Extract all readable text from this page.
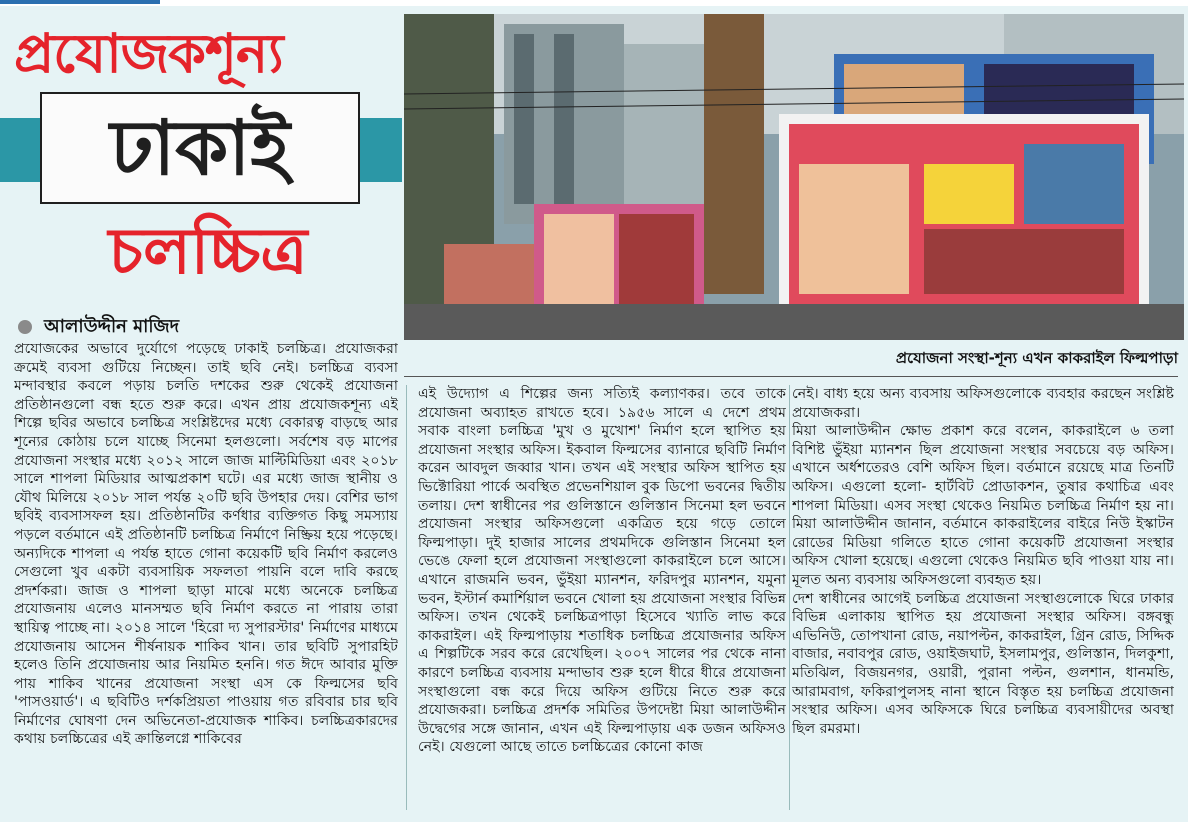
প্রযোজকশূন্য
ঢাকাই
চলচ্চিত্র
প্রযোজনা সংস্থা-শূন্য এখন কাকরাইল ফিল্মপাড়া
আলাউদ্দীন মাজিদ

প্রযোজকের অভাবে দুর্যোগে পড়েছে ঢাকাই চলচ্চিত্র। প্রযোজকরা ক্রমেই ব্যবসা গুটিয়ে নিচ্ছেন। তাই ছবি নেই। চলচ্চিত্র ব্যবসা মন্দাবস্থার কবলে পড়ায় চলতি দশকের শুরু থেকেই প্রযোজনা প্রতিষ্ঠানগুলো বন্ধ হতে শুরু করে। এখন প্রায় প্রযোজকশূন্য এই শিল্পে ছবির অভাবে চলচ্চিত্র সংশ্লিষ্টদের মধ্যে বেকারত্ব বাড়ছে আর শূন্যের কোঠায় চলে যাচ্ছে সিনেমা হলগুলো। সর্বশেষ বড় মাপের প্রযোজনা সংস্থার মধ্যে ২০১২ সালে জাজ মাল্টিমিডিয়া এবং ২০১৮ সালে শাপলা মিডিয়ার আত্মপ্রকাশ ঘটে। এর মধ্যে জাজ স্থানীয় ও যৌথ মিলিয়ে ২০১৮ সাল পর্যন্ত ২০টি ছবি উপহার দেয়। বেশির ভাগ ছবিই ব্যবসাসফল হয়। প্রতিষ্ঠানটির কর্ণধার ব্যক্তিগত কিছু সমস্যায় পড়লে বর্তমানে এই প্রতিষ্ঠানটি চলচ্চিত্র নির্মাণে নিষ্ক্রিয় হয়ে পড়েছে। অন্যদিকে শাপলা এ পর্যন্ত হাতে গোনা কয়েকটি ছবি নির্মাণ করলেও সেগুলো খুব একটা ব্যবসায়িক সফলতা পায়নি বলে দাবি করছে প্রদর্শকরা। জাজ ও শাপলা ছাড়া মাঝে মধ্যে অনেকে চলচ্চিত্র প্রযোজনায় এলেও মানসম্মত ছবি নির্মাণ করতে না পারায় তারা স্থায়িত্ব পাচ্ছে না। ২০১৪ সালে 'হিরো দ্য সুপারস্টার' নির্মাণের মাধ্যমে প্রযোজনায় আসেন শীর্ষনায়ক শাকিব খান। তার ছবিটি সুপারহিট হলেও তিনি প্রযোজনায় আর নিয়মিত হননি। গত ঈদে আবার মুক্তি পায় শাকিব খানের প্রযোজনা সংস্থা এস কে ফিল্মসের ছবি 'পাসওয়ার্ড'। এ ছবিটিও দর্শকপ্রিয়তা পাওয়ায় গত রবিবার চার ছবি নির্মাণের ঘোষণা দেন অভিনেতা-প্রযোজক শাকিব। চলচ্চিত্রকারদের কথায় চলচ্চিত্রের এই ক্রান্তিলগ্নে শাকিবের

এই উদ্যোগ এ শিল্পের জন্য সত্যিই কল্যাণকর। তবে তাকে প্রযোজনা অব্যাহত রাখতে হবে। ১৯৫৬ সালে এ দেশে প্রথম সবাক বাংলা চলচ্চিত্র 'মুখ ও মুখোশ' নির্মাণ হলে স্থাপিত হয় প্রযোজনা সংস্থার অফিস। ইকবাল ফিল্মসের ব্যানারে ছবিটি নির্মাণ করেন আবদুল জব্বার খান। তখন এই সংস্থার অফিস স্থাপিত হয় ভিক্টোরিয়া পার্কে অবস্থিত প্রভেনশিয়াল বুক ডিপো ভবনের দ্বিতীয় তলায়। দেশ স্বাধীনের পর গুলিস্তানে গুলিস্তান সিনেমা হল ভবনে প্রযোজনা সংস্থার অফিসগুলো একত্রিত হয়ে গড়ে তোলে ফিল্মপাড়া। দুই হাজার সালের প্রথমদিকে গুলিস্তান সিনেমা হল ভেঙে ফেলা হলে প্রযোজনা সংস্থাগুলো কাকরাইলে চলে আসে। এখানে রাজমনি ভবন, ভুঁইয়া ম্যানশন, ফরিদপুর ম্যানশন, যমুনা ভবন, ইস্টার্ন কমার্শিয়াল ভবনে খোলা হয় প্রযোজনা সংস্থার বিভিন্ন অফিস। তখন থেকেই চলচ্চিত্রপাড়া হিসেবে খ্যাতি লাভ করে কাকরাইল। এই ফিল্মপাড়ায় শতাধিক চলচ্চিত্র প্রযোজনার অফিস এ শিল্পটিকে সরব করে রেখেছিল। ২০০৭ সালের পর থেকে নানা কারণে চলচ্চিত্র ব্যবসায় মন্দাভাব শুরু হলে ধীরে ধীরে প্রযোজনা সংস্থাগুলো বন্ধ করে দিয়ে অফিস গুটিয়ে নিতে শুরু করে প্রযোজকরা। চলচ্চিত্র প্রদর্শক সমিতির উপদেষ্টা মিয়া আলাউদ্দীন উদ্বেগের সঙ্গে জানান, এখন এই ফিল্মপাড়ায় এক ডজন অফিসও নেই। যেগুলো আছে তাতে চলচ্চিত্রের কোনো কাজ

নেই। বাধ্য হয়ে অন্য ব্যবসায় অফিসগুলোকে ব্যবহার করছেন সংশ্লিষ্ট প্রযোজকরা।

মিয়া আলাউদ্দীন ক্ষোভ প্রকাশ করে বলেন, কাকরাইলে ৬ তলা বিশিষ্ট ভুঁইয়া ম্যানশন ছিল প্রযোজনা সংস্থার সবচেয়ে বড় অফিস। এখানে অর্ধশতেরও বেশি অফিস ছিল। বর্তমানে রয়েছে মাত্র তিনটি অফিস। এগুলো হলো- হার্টবিট প্রোডাকশন, তুষার কথাচিত্র এবং শাপলা মিডিয়া। এসব সংস্থা থেকেও নিয়মিত চলচ্চিত্র নির্মাণ হয় না। মিয়া আলাউদ্দীন জানান, বর্তমানে কাকরাইলের বাইরে নিউ ইস্কাটন রোডের মিডিয়া গলিতে হাতে গোনা কয়েকটি প্রযোজনা সংস্থার অফিস খোলা হয়েছে। এগুলো থেকেও নিয়মিত ছবি পাওয়া যায় না। মূলত অন্য ব্যবসায় অফিসগুলো ব্যবহৃত হয়।

দেশ স্বাধীনের আগেই চলচ্চিত্র প্রযোজনা সংস্থাগুলোকে ঘিরে ঢাকার বিভিন্ন এলাকায় স্থাপিত হয় প্রযোজনা সংস্থার অফিস। বঙ্গবন্ধু এভিনিউ, তোপখানা রোড, নয়াপল্টন, কাকরাইল, গ্রিন রোড, সিদ্দিক বাজার, নবাবপুর রোড, ওয়াইজঘাট, ইসলামপুর, গুলিস্তান, দিলকুশা, মতিঝিল, বিজয়নগর, ওয়ারী, পুরানা পল্টন, গুলশান, ধানমন্ডি, আরামবাগ, ফকিরাপুলসহ নানা স্থানে বিস্তৃত হয় চলচ্চিত্র প্রযোজনা সংস্থার অফিস। এসব অফিসকে ঘিরে চলচ্চিত্র ব্যবসায়ীদের অবস্থা ছিল রমরমা।
